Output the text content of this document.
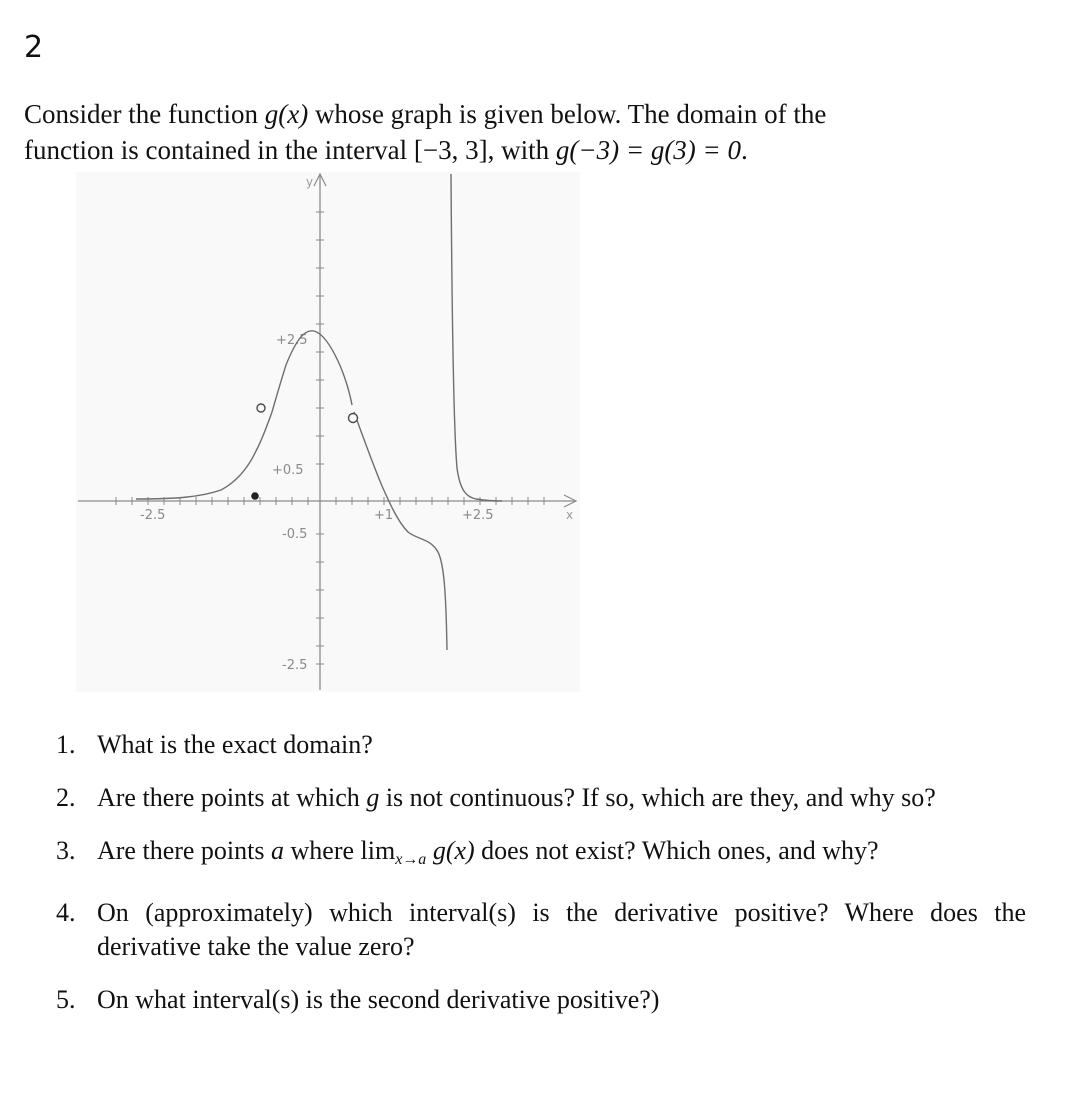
2
Consider the function g(x) whose graph is given below. The domain of the
function is contained in the interval [−3, 3], with g(−3) = g(3) = 0.
-2.5	+1	+2.5	x
y
+2.5
+0.5
-0.5
-2.5
1. What is the exact domain?
2. Are there points at which g is not continuous? If so, which are they, and why so?
3. Are there points a where $\lim_{x\to a} g(x)$ does not exist? Which ones, and why?
4. On (approximately) which interval(s) is the derivative positive? Where does the derivative take the value zero?
5. On what interval(s) is the second derivative positive?)
